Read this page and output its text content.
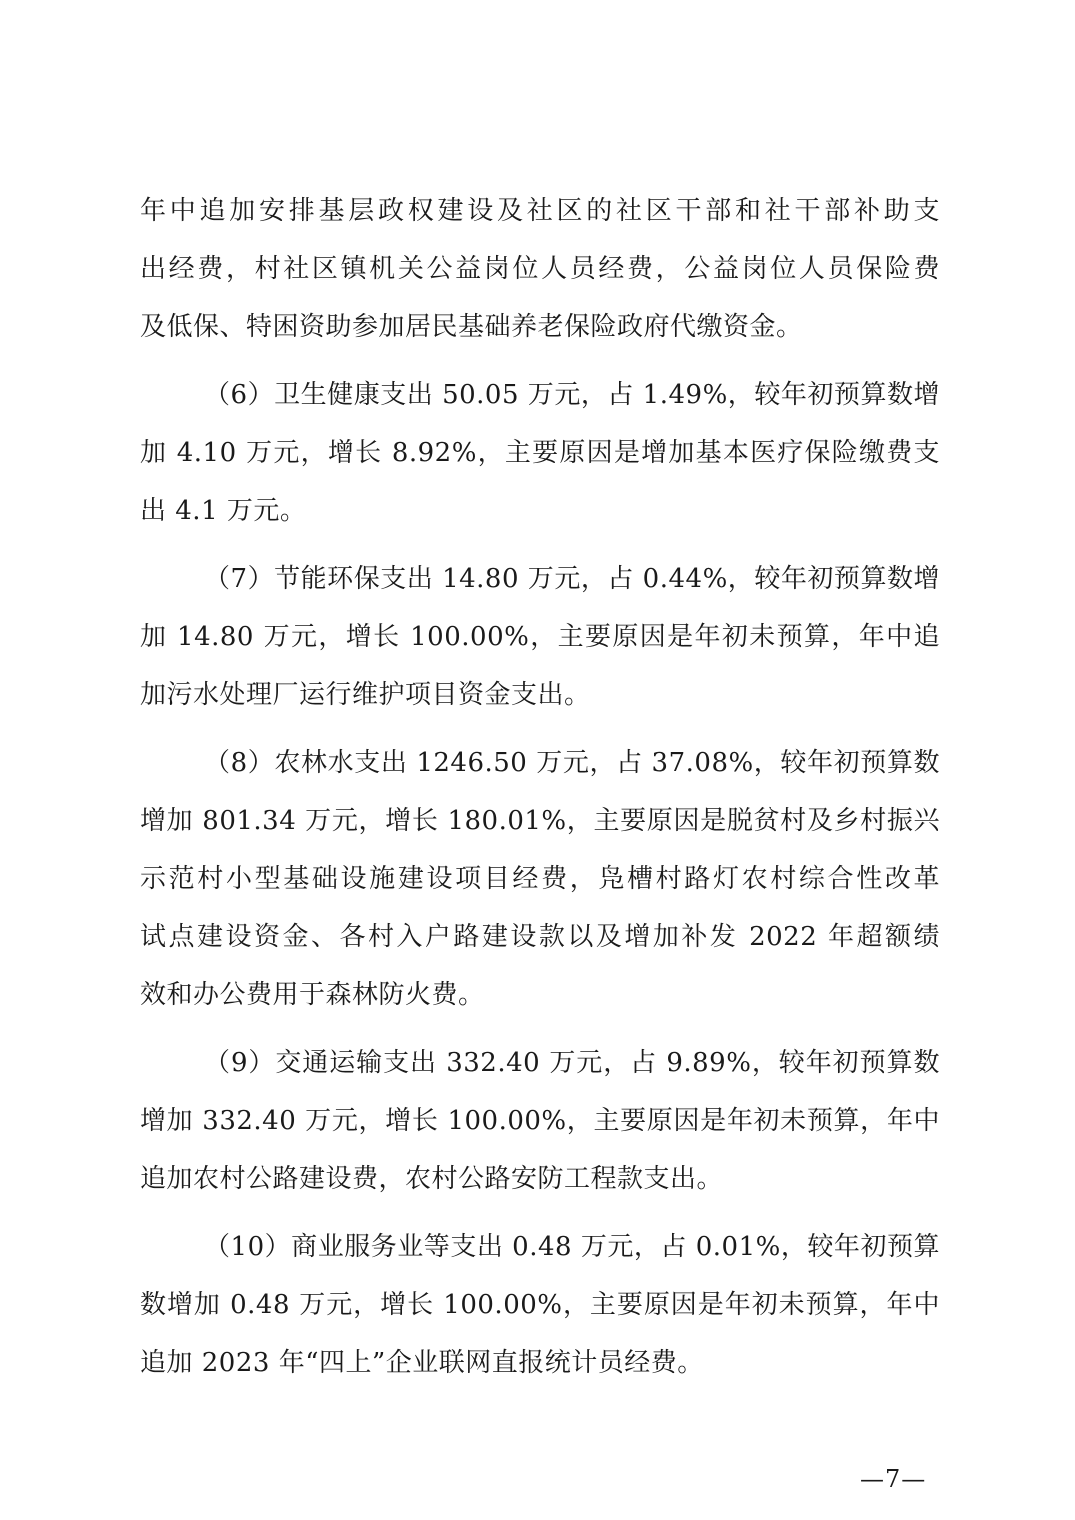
年中追加安排基层政权建设及社区的社区干部和社干部补助支
出经费，村社区镇机关公益岗位人员经费，公益岗位人员保险费
及低保、特困资助参加居民基础养老保险政府代缴资金。
（6）卫生健康支出 50.05 万元，占 1.49%，较年初预算数增
加 4.10 万元，增长 8.92%，主要原因是增加基本医疗保险缴费支
出 4.1 万元。
（7）节能环保支出 14.80 万元，占 0.44%，较年初预算数增
加 14.80 万元，增长 100.00%，主要原因是年初未预算，年中追
加污水处理厂运行维护项目资金支出。
（8）农林水支出 1246.50 万元，占 37.08%，较年初预算数
增加 801.34 万元，增长 180.01%，主要原因是脱贫村及乡村振兴
示范村小型基础设施建设项目经费，凫槽村路灯农村综合性改革
试点建设资金、各村入户路建设款以及增加补发 2022 年超额绩
效和办公费用于森林防火费。
（9）交通运输支出 332.40 万元，占 9.89%，较年初预算数
增加 332.40 万元，增长 100.00%，主要原因是年初未预算，年中
追加农村公路建设费，农村公路安防工程款支出。
（10）商业服务业等支出 0.48 万元，占 0.01%，较年初预算
数增加 0.48 万元，增长 100.00%，主要原因是年初未预算，年中
追加 2023 年“四上”企业联网直报统计员经费。
—7—
